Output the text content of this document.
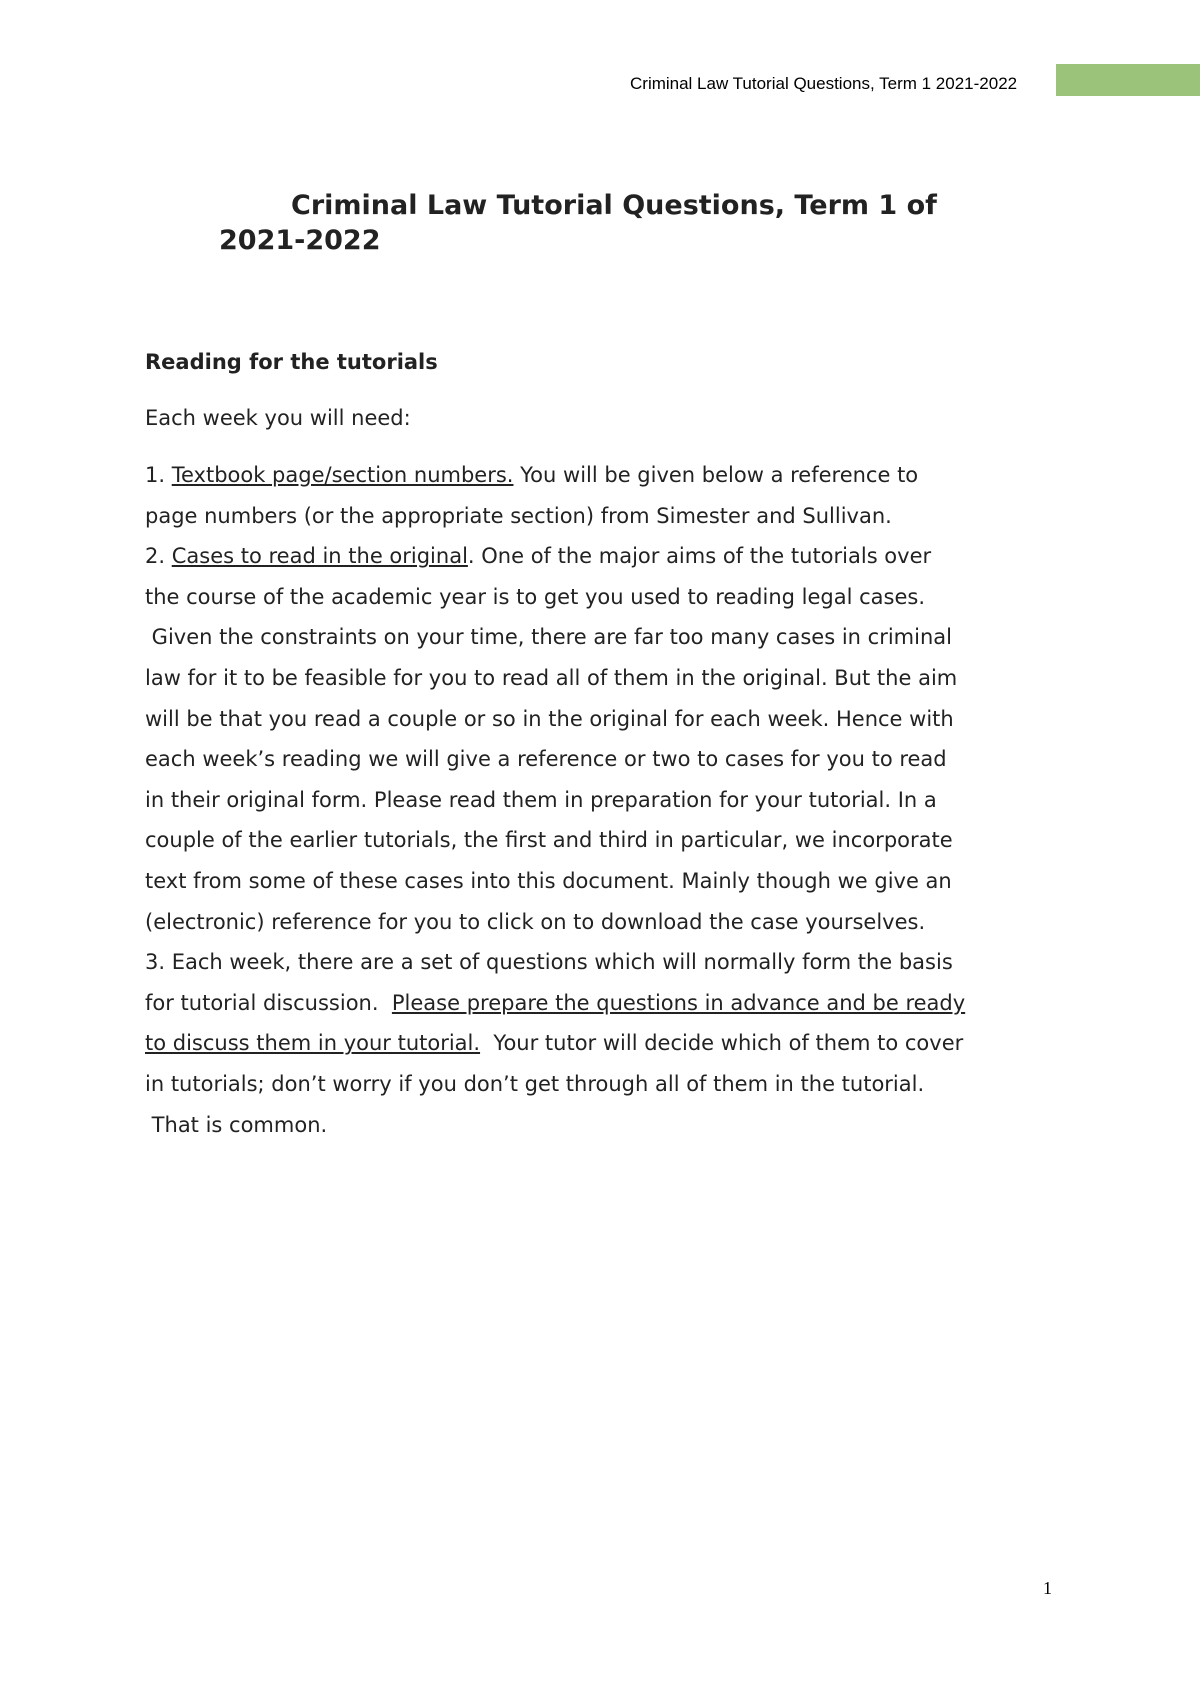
Criminal Law Tutorial Questions, Term 1 2021-2022
Criminal Law Tutorial Questions, Term 1 of
2021-2022
Reading for the tutorials
Each week you will need:
1. Textbook page/section numbers. You will be given below a reference to
page numbers (or the appropriate section) from Simester and Sullivan.
2. Cases to read in the original. One of the major aims of the tutorials over
the course of the academic year is to get you used to reading legal cases.
Given the constraints on your time, there are far too many cases in criminal
law for it to be feasible for you to read all of them in the original. But the aim
will be that you read a couple or so in the original for each week. Hence with
each week’s reading we will give a reference or two to cases for you to read
in their original form. Please read them in preparation for your tutorial. In a
couple of the earlier tutorials, the first and third in particular, we incorporate
text from some of these cases into this document. Mainly though we give an
(electronic) reference for you to click on to download the case yourselves.
3. Each week, there are a set of questions which will normally form the basis
for tutorial discussion.  Please prepare the questions in advance and be ready
to discuss them in your tutorial.  Your tutor will decide which of them to cover
in tutorials; don’t worry if you don’t get through all of them in the tutorial.
That is common.
1
